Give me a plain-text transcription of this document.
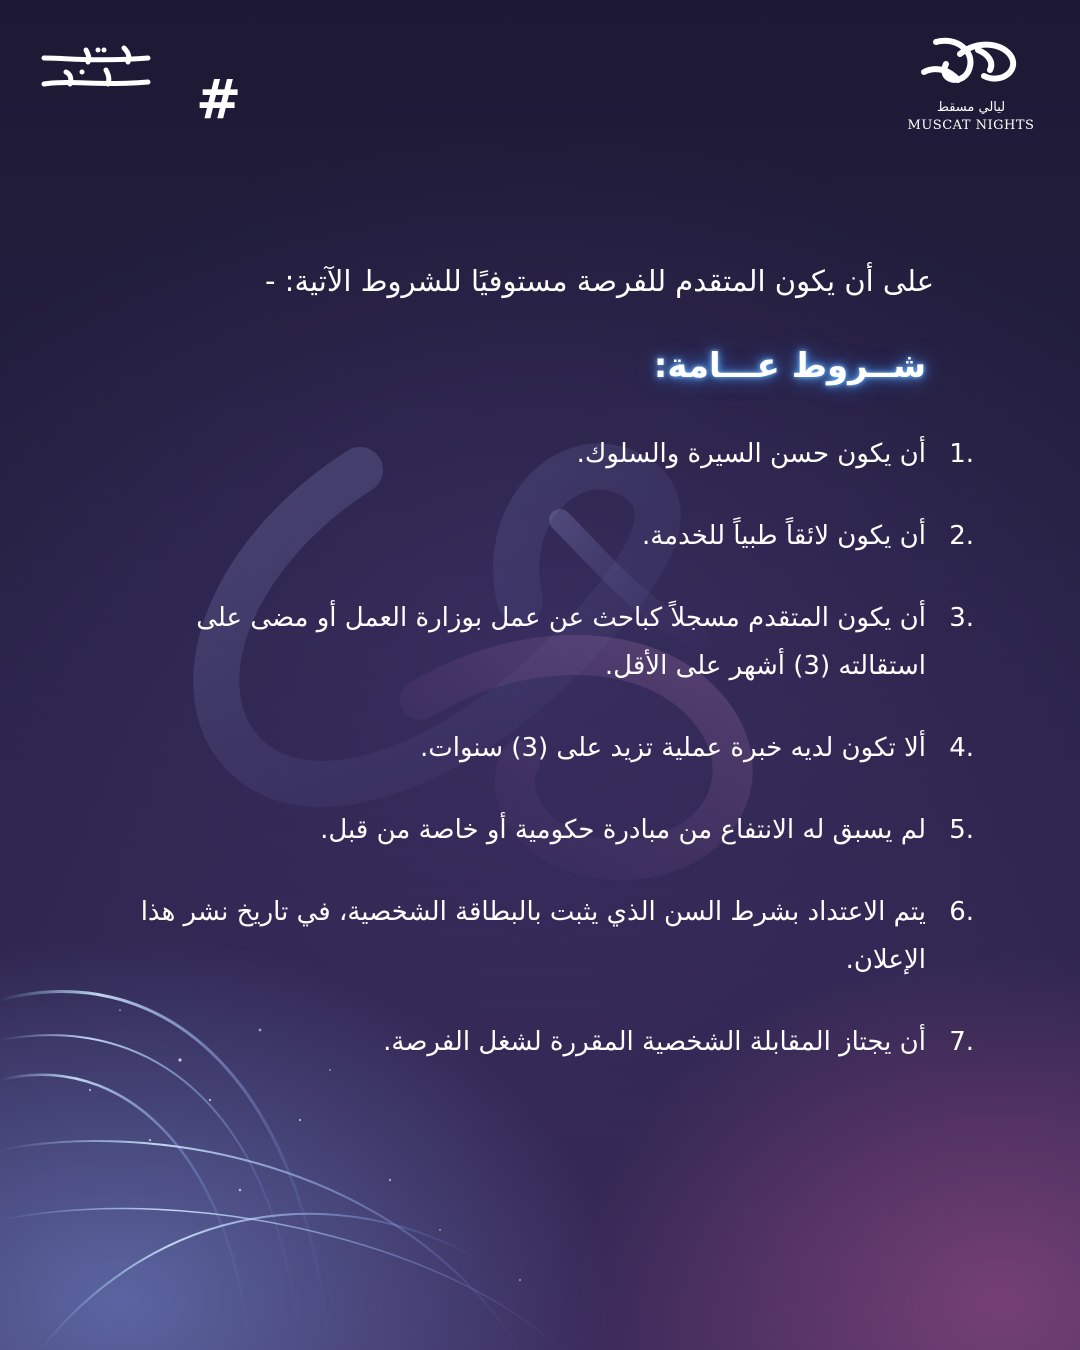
#	ليالي مسقط
MUSCAT NIGHTS
على أن يكون المتقدم للفرصة مستوفيًا للشروط الآتية: -
شــروط عـــامة:
1.
أن يكون حسن السيرة والسلوك.
2.
أن يكون لائقاً طبياً للخدمة.
3.
أن يكون المتقدم مسجلاً كباحث عن عمل بوزارة العمل أو مضى على استقالته (3) أشهر على الأقل.
4.
ألا تكون لديه خبرة عملية تزيد على (3) سنوات.
5.
لم يسبق له الانتفاع من مبادرة حكومية أو خاصة من قبل.
6.
يتم الاعتداد بشرط السن الذي يثبت بالبطاقة الشخصية، في تاريخ نشر هذا الإعلان.
7.
أن يجتاز المقابلة الشخصية المقررة لشغل الفرصة.
